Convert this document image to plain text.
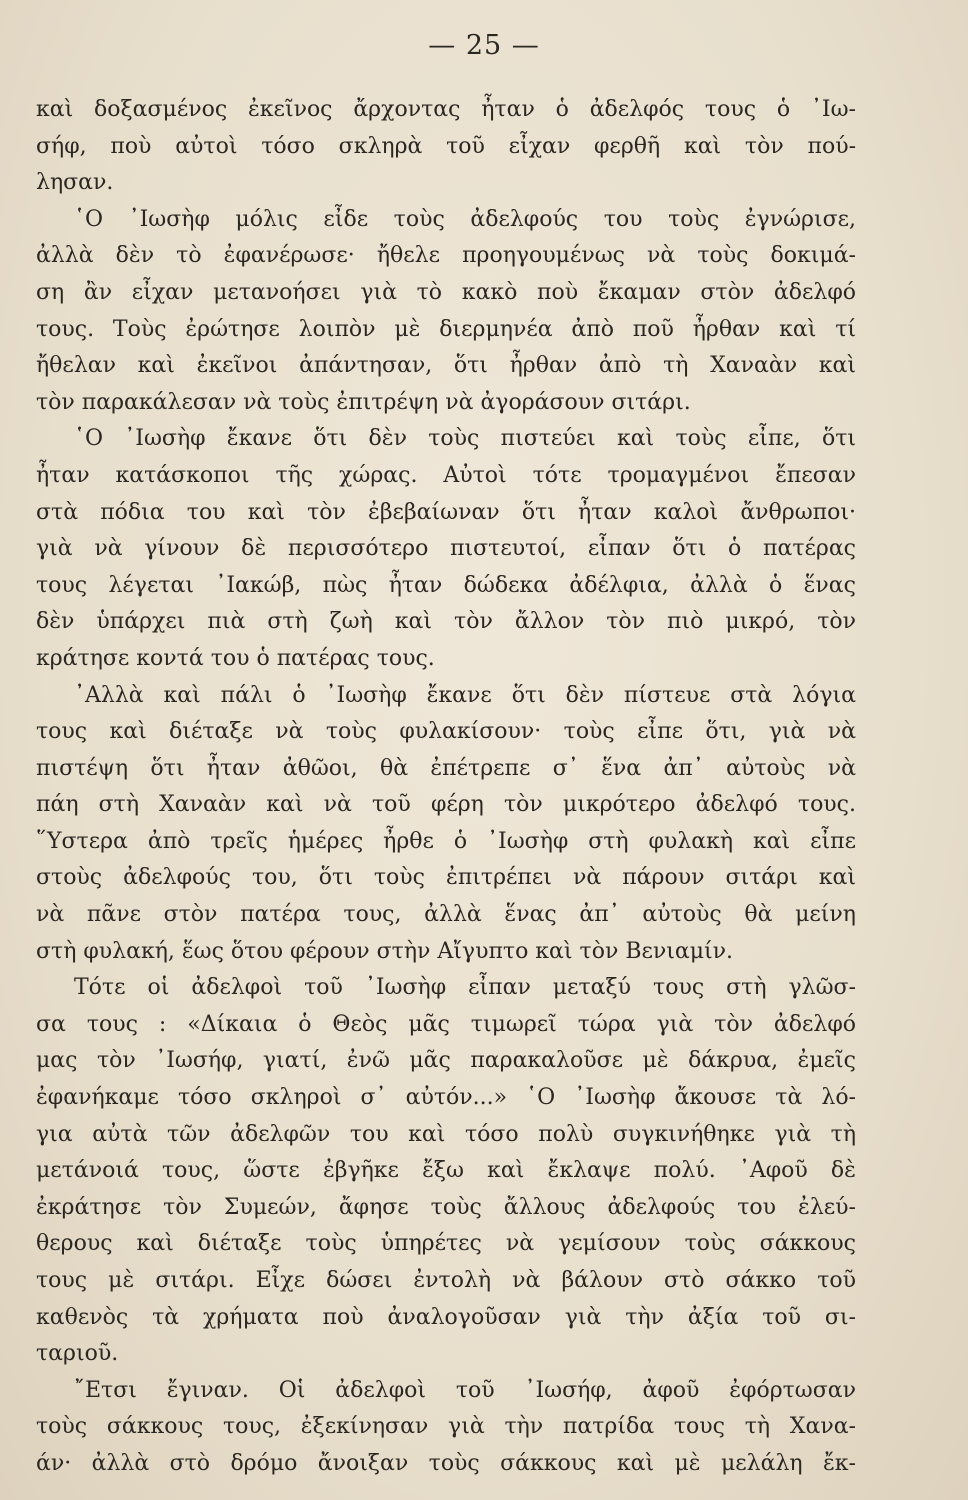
— 25 —
καὶ δοξασμένος ἐκεῖνος ἄρχοντας ἦταν ὁ ἀδελφός τους ὁ ᾿Ιω-
σήφ, ποὺ αὐτοὶ τόσο σκληρὰ τοῦ εἶχαν φερθῆ καὶ τὸν πού-
λησαν.
῾Ο ᾿Ιωσὴφ μόλις εἶδε τοὺς ἀδελφούς του τοὺς ἐγνώρισε,
ἀλλὰ δὲν τὸ ἐφανέρωσε· ἤθελε προηγουμένως νὰ τοὺς δοκιμά-
ση ἂν εἶχαν μετανοήσει γιὰ τὸ κακὸ ποὺ ἔκαμαν στὸν ἀδελφό
τους. Τοὺς ἐρώτησε λοιπὸν μὲ διερμηνέα ἀπὸ ποῦ ἦρθαν καὶ τί
ἤθελαν καὶ ἐκεῖνοι ἀπάντησαν, ὅτι ἦρθαν ἀπὸ τὴ Χαναὰν καὶ
τὸν παρακάλεσαν νὰ τοὺς ἐπιτρέψη νὰ ἀγοράσουν σιτάρι.
῾Ο ᾿Ιωσὴφ ἔκανε ὅτι δὲν τοὺς πιστεύει καὶ τοὺς εἶπε, ὅτι
ἦταν κατάσκοποι τῆς χώρας. Αὐτοὶ τότε τρομαγμένοι ἔπεσαν
στὰ πόδια του καὶ τὸν ἐβεβαίωναν ὅτι ἦταν καλοὶ ἄνθρωποι·
γιὰ νὰ γίνουν δὲ περισσότερο πιστευτοί, εἶπαν ὅτι ὁ πατέρας
τους λέγεται ᾿Ιακώβ, πὼς ἦταν δώδεκα ἀδέλφια, ἀλλὰ ὁ ἕνας
δὲν ὑπάρχει πιὰ στὴ ζωὴ καὶ τὸν ἄλλον τὸν πιὸ μικρό, τὸν
κράτησε κοντά του ὁ πατέρας τους.
᾿Αλλὰ καὶ πάλι ὁ ᾿Ιωσὴφ ἔκανε ὅτι δὲν πίστευε στὰ λόγια
τους καὶ διέταξε νὰ τοὺς φυλακίσουν· τοὺς εἶπε ὅτι, γιὰ νὰ
πιστέψη ὅτι ἦταν ἀθῶοι, θὰ ἐπέτρεπε σ᾿ ἕνα ἀπ᾿ αὐτοὺς νὰ
πάη στὴ Χαναὰν καὶ νὰ τοῦ φέρη τὸν μικρότερο ἀδελφό τους.
῞Υστερα ἀπὸ τρεῖς ἡμέρες ἦρθε ὁ ᾿Ιωσὴφ στὴ φυλακὴ καὶ εἶπε
στοὺς ἀδελφούς του, ὅτι τοὺς ἐπιτρέπει νὰ πάρουν σιτάρι καὶ
νὰ πᾶνε στὸν πατέρα τους, ἀλλὰ ἕνας ἀπ᾿ αὐτοὺς θὰ μείνη
στὴ φυλακή, ἕως ὅτου φέρουν στὴν Αἴγυπτο καὶ τὸν Βενιαμίν.
Τότε οἱ ἀδελφοὶ τοῦ ᾿Ιωσὴφ εἶπαν μεταξύ τους στὴ γλῶσ-
σα τους : «Δίκαια ὁ Θεὸς μᾶς τιμωρεῖ τώρα γιὰ τὸν ἀδελφό
μας τὸν ᾿Ιωσήφ, γιατί, ἐνῶ μᾶς παρακαλοῦσε μὲ δάκρυα, ἐμεῖς
ἐφανήκαμε τόσο σκληροὶ σ᾿ αὐτόν...» ῾Ο ᾿Ιωσὴφ ἄκουσε τὰ λό-
για αὐτὰ τῶν ἀδελφῶν του καὶ τόσο πολὺ συγκινήθηκε γιὰ τὴ
μετάνοιά τους, ὥστε ἐβγῆκε ἔξω καὶ ἔκλαψε πολύ. ᾿Αφοῦ δὲ
ἐκράτησε τὸν Συμεών, ἄφησε τοὺς ἄλλους ἀδελφούς του ἐλεύ-
θερους καὶ διέταξε τοὺς ὑπηρέτες νὰ γεμίσουν τοὺς σάκκους
τους μὲ σιτάρι. Εἶχε δώσει ἐντολὴ νὰ βάλουν στὸ σάκκο τοῦ
καθενὸς τὰ χρήματα ποὺ ἀναλογοῦσαν γιὰ τὴν ἀξία τοῦ σι-
ταριοῦ.
῎Ετσι ἔγιναν. Οἱ ἀδελφοὶ τοῦ ᾿Ιωσήφ, ἀφοῦ ἐφόρτωσαν
τοὺς σάκκους τους, ἐξεκίνησαν γιὰ τὴν πατρίδα τους τὴ Χανα-
άν· ἀλλὰ στὸ δρόμο ἄνοιξαν τοὺς σάκκους καὶ μὲ μελάλη ἔκ-
